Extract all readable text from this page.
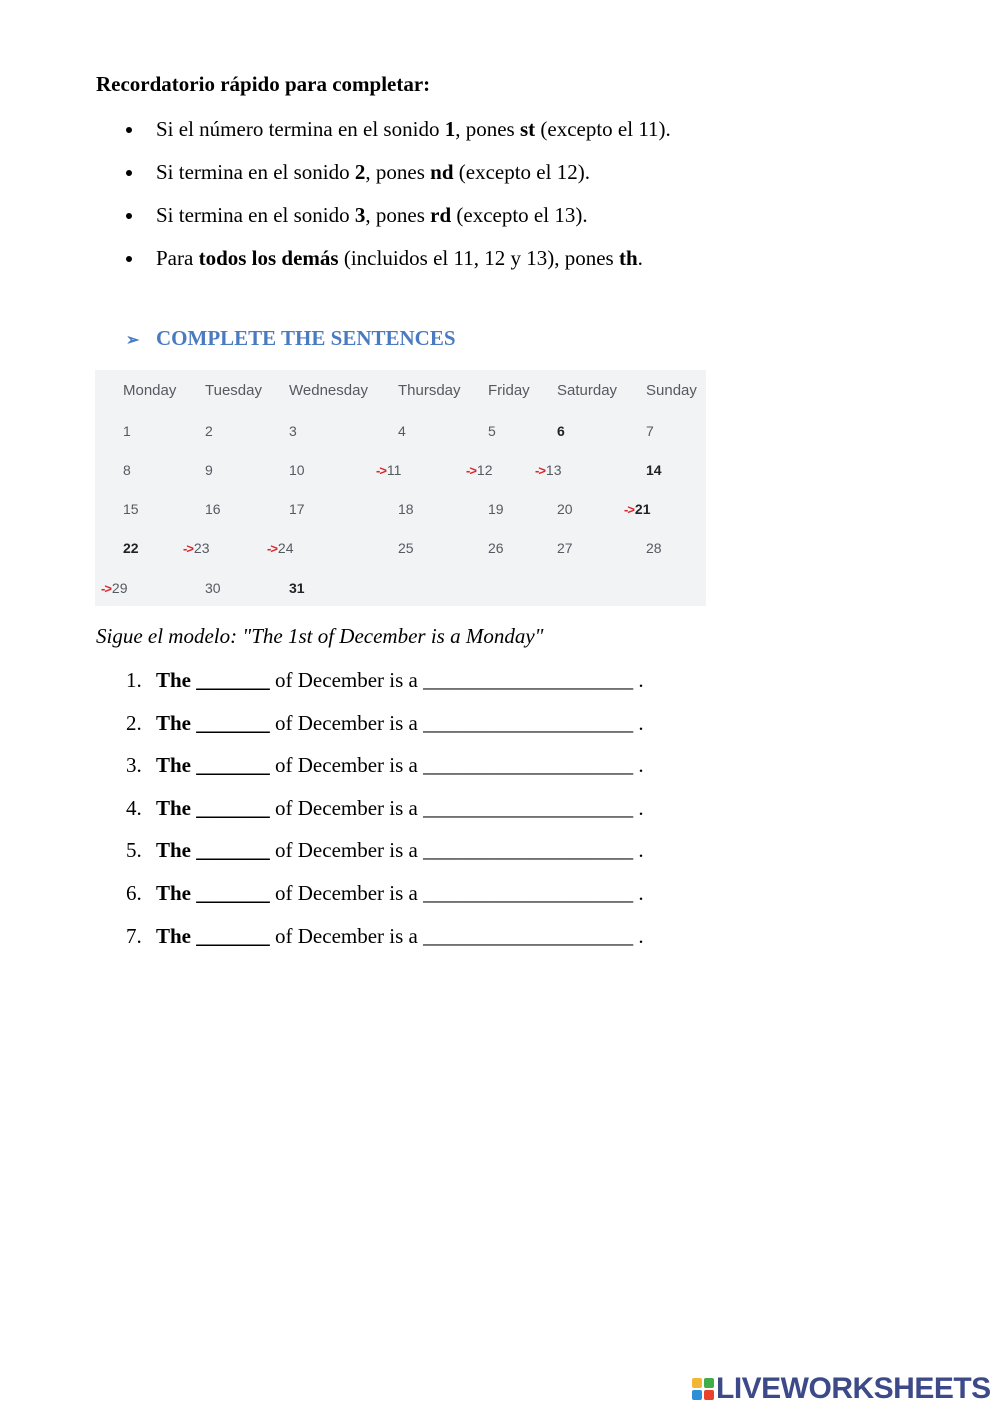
Recordatorio rápido para completar:
Si el número termina en el sonido 1, pones st (excepto el 11).
Si termina en el sonido 2, pones nd (excepto el 12).
Si termina en el sonido 3, pones rd (excepto el 13).
Para todos los demás (incluidos el 11, 12 y 13), pones th.
➢ COMPLETE THE SENTENCES
Monday Tuesday Wednesday Thursday Friday Saturday Sunday
1	2	3	4	5	6	7
8	9	10	->11	->12	->13	14
15	16	17	18	19	20	->21
22	->23	->24	25	26	27	28
->29	30	31
Sigue el modelo: "The 1st of December is a Monday"
1. The _______ of December is a ____________________ .
2. The _______ of December is a ____________________ .
3. The _______ of December is a ____________________ .
4. The _______ of December is a ____________________ .
5. The _______ of December is a ____________________ .
6. The _______ of December is a ____________________ .
7. The _______ of December is a ____________________ .
LIVEWORKSHEETS
